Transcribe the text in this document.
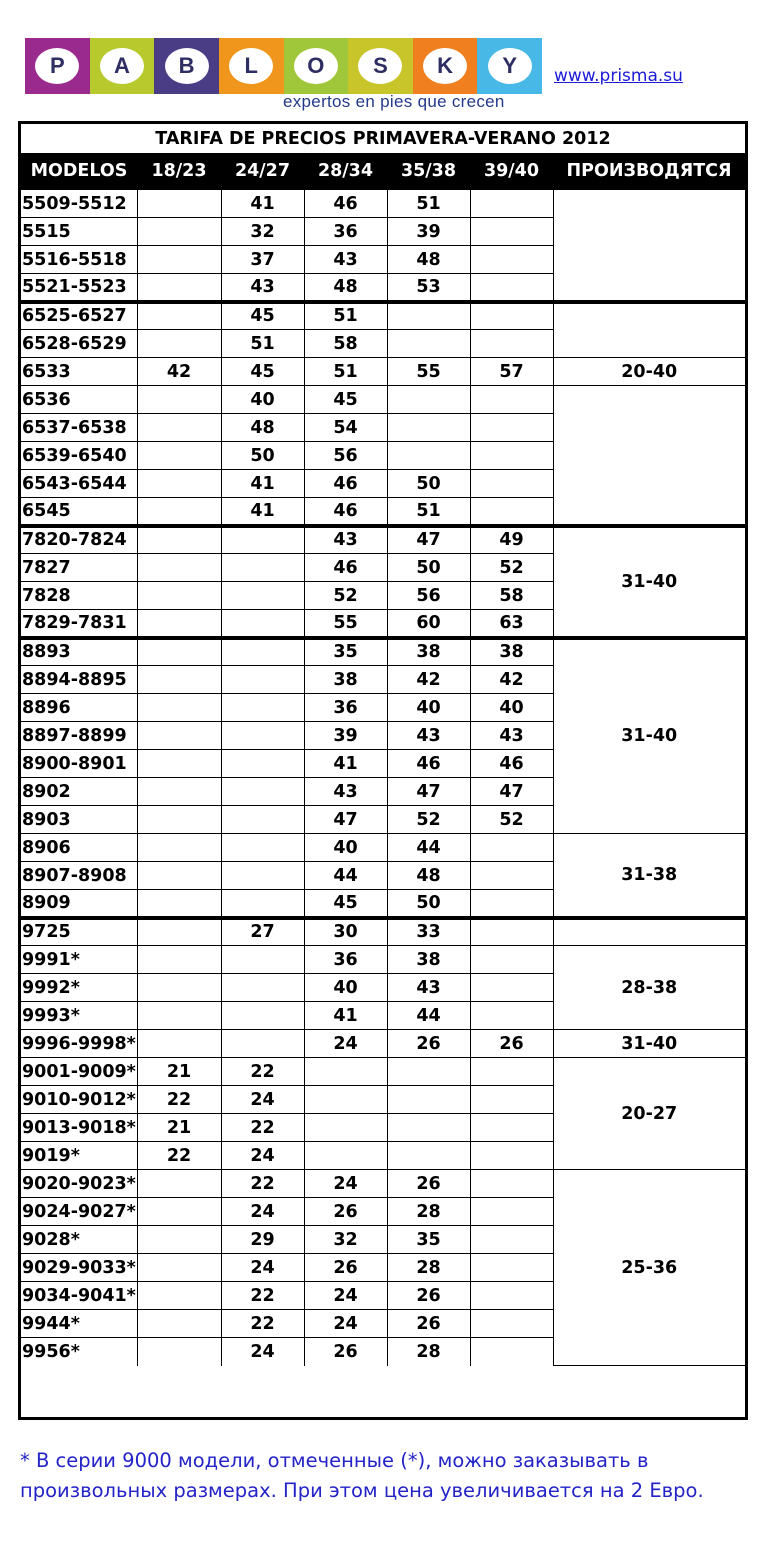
P	A	B	L	O	S	K	Y
expertos en pies que crecen
www.prisma.su
TARIFA DE PRECIOS PRIMAVERA-VERANO 2012
MODELOS	18/23	24/27	28/34	35/38	39/40	ПРОИЗВОДЯТСЯ
5509-5512		41	46	51		
5515		32	36	39		
5516-5518		37	43	48		
5521-5523		43	48	53		
6525-6527		45	51			
6528-6529		51	58			
6533	42	45	51	55	57	20-40
6536		40	45			
6537-6538		48	54			
6539-6540		50	56			
6543-6544		41	46	50		
6545		41	46	51		
7820-7824			43	47	49	31-40
7827			46	50	52	
7828			52	56	58	
7829-7831			55	60	63	
8893			35	38	38	31-40
8894-8895			38	42	42	
8896			36	40	40	
8897-8899			39	43	43	
8900-8901			41	46	46	
8902			43	47	47	
8903			47	52	52	
8906			40	44		31-38
8907-8908			44	48		
8909			45	50		
9725		27	30	33		
9991*			36	38		28-38
9992*			40	43		
9993*			41	44		
9996-9998*			24	26	26	31-40
9001-9009*	21	22				20-27
9010-9012*	22	24				
9013-9018*	21	22				
9019*	22	24				
9020-9023*		22	24	26		25-36
9024-9027*		24	26	28		
9028*		29	32	35		
9029-9033*		24	26	28		
9034-9041*		22	24	26		
9944*		22	24	26		
9956*		24	26	28		
* В серии 9000 модели, отмеченные (*), можно заказывать в произвольных размерах. При этом цена увеличивается на 2 Евро.
